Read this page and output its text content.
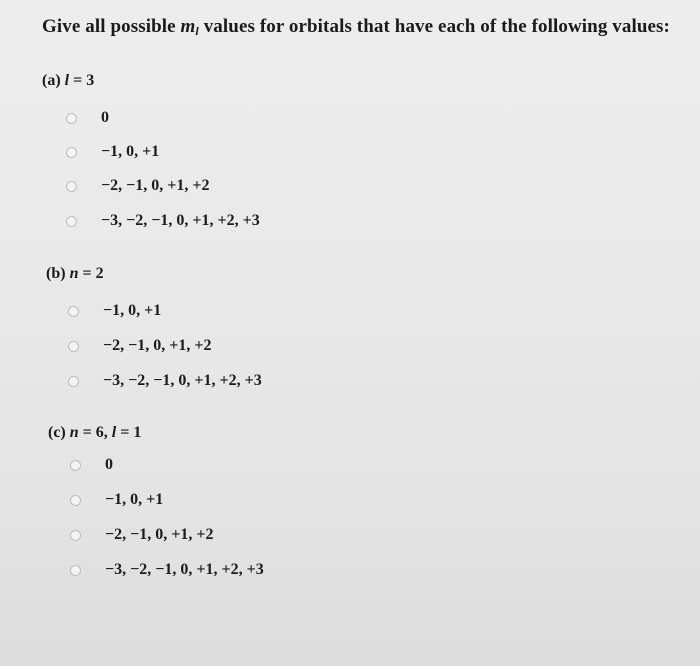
Give all possible $m_l$ values for orbitals that have each of the following values:
(a) l = 3
0
−1, 0, +1
−2, −1, 0, +1, +2
−3, −2, −1, 0, +1, +2, +3
(b) n = 2
−1, 0, +1
−2, −1, 0, +1, +2
−3, −2, −1, 0, +1, +2, +3
(c) n = 6, l = 1
0
−1, 0, +1
−2, −1, 0, +1, +2
−3, −2, −1, 0, +1, +2, +3
